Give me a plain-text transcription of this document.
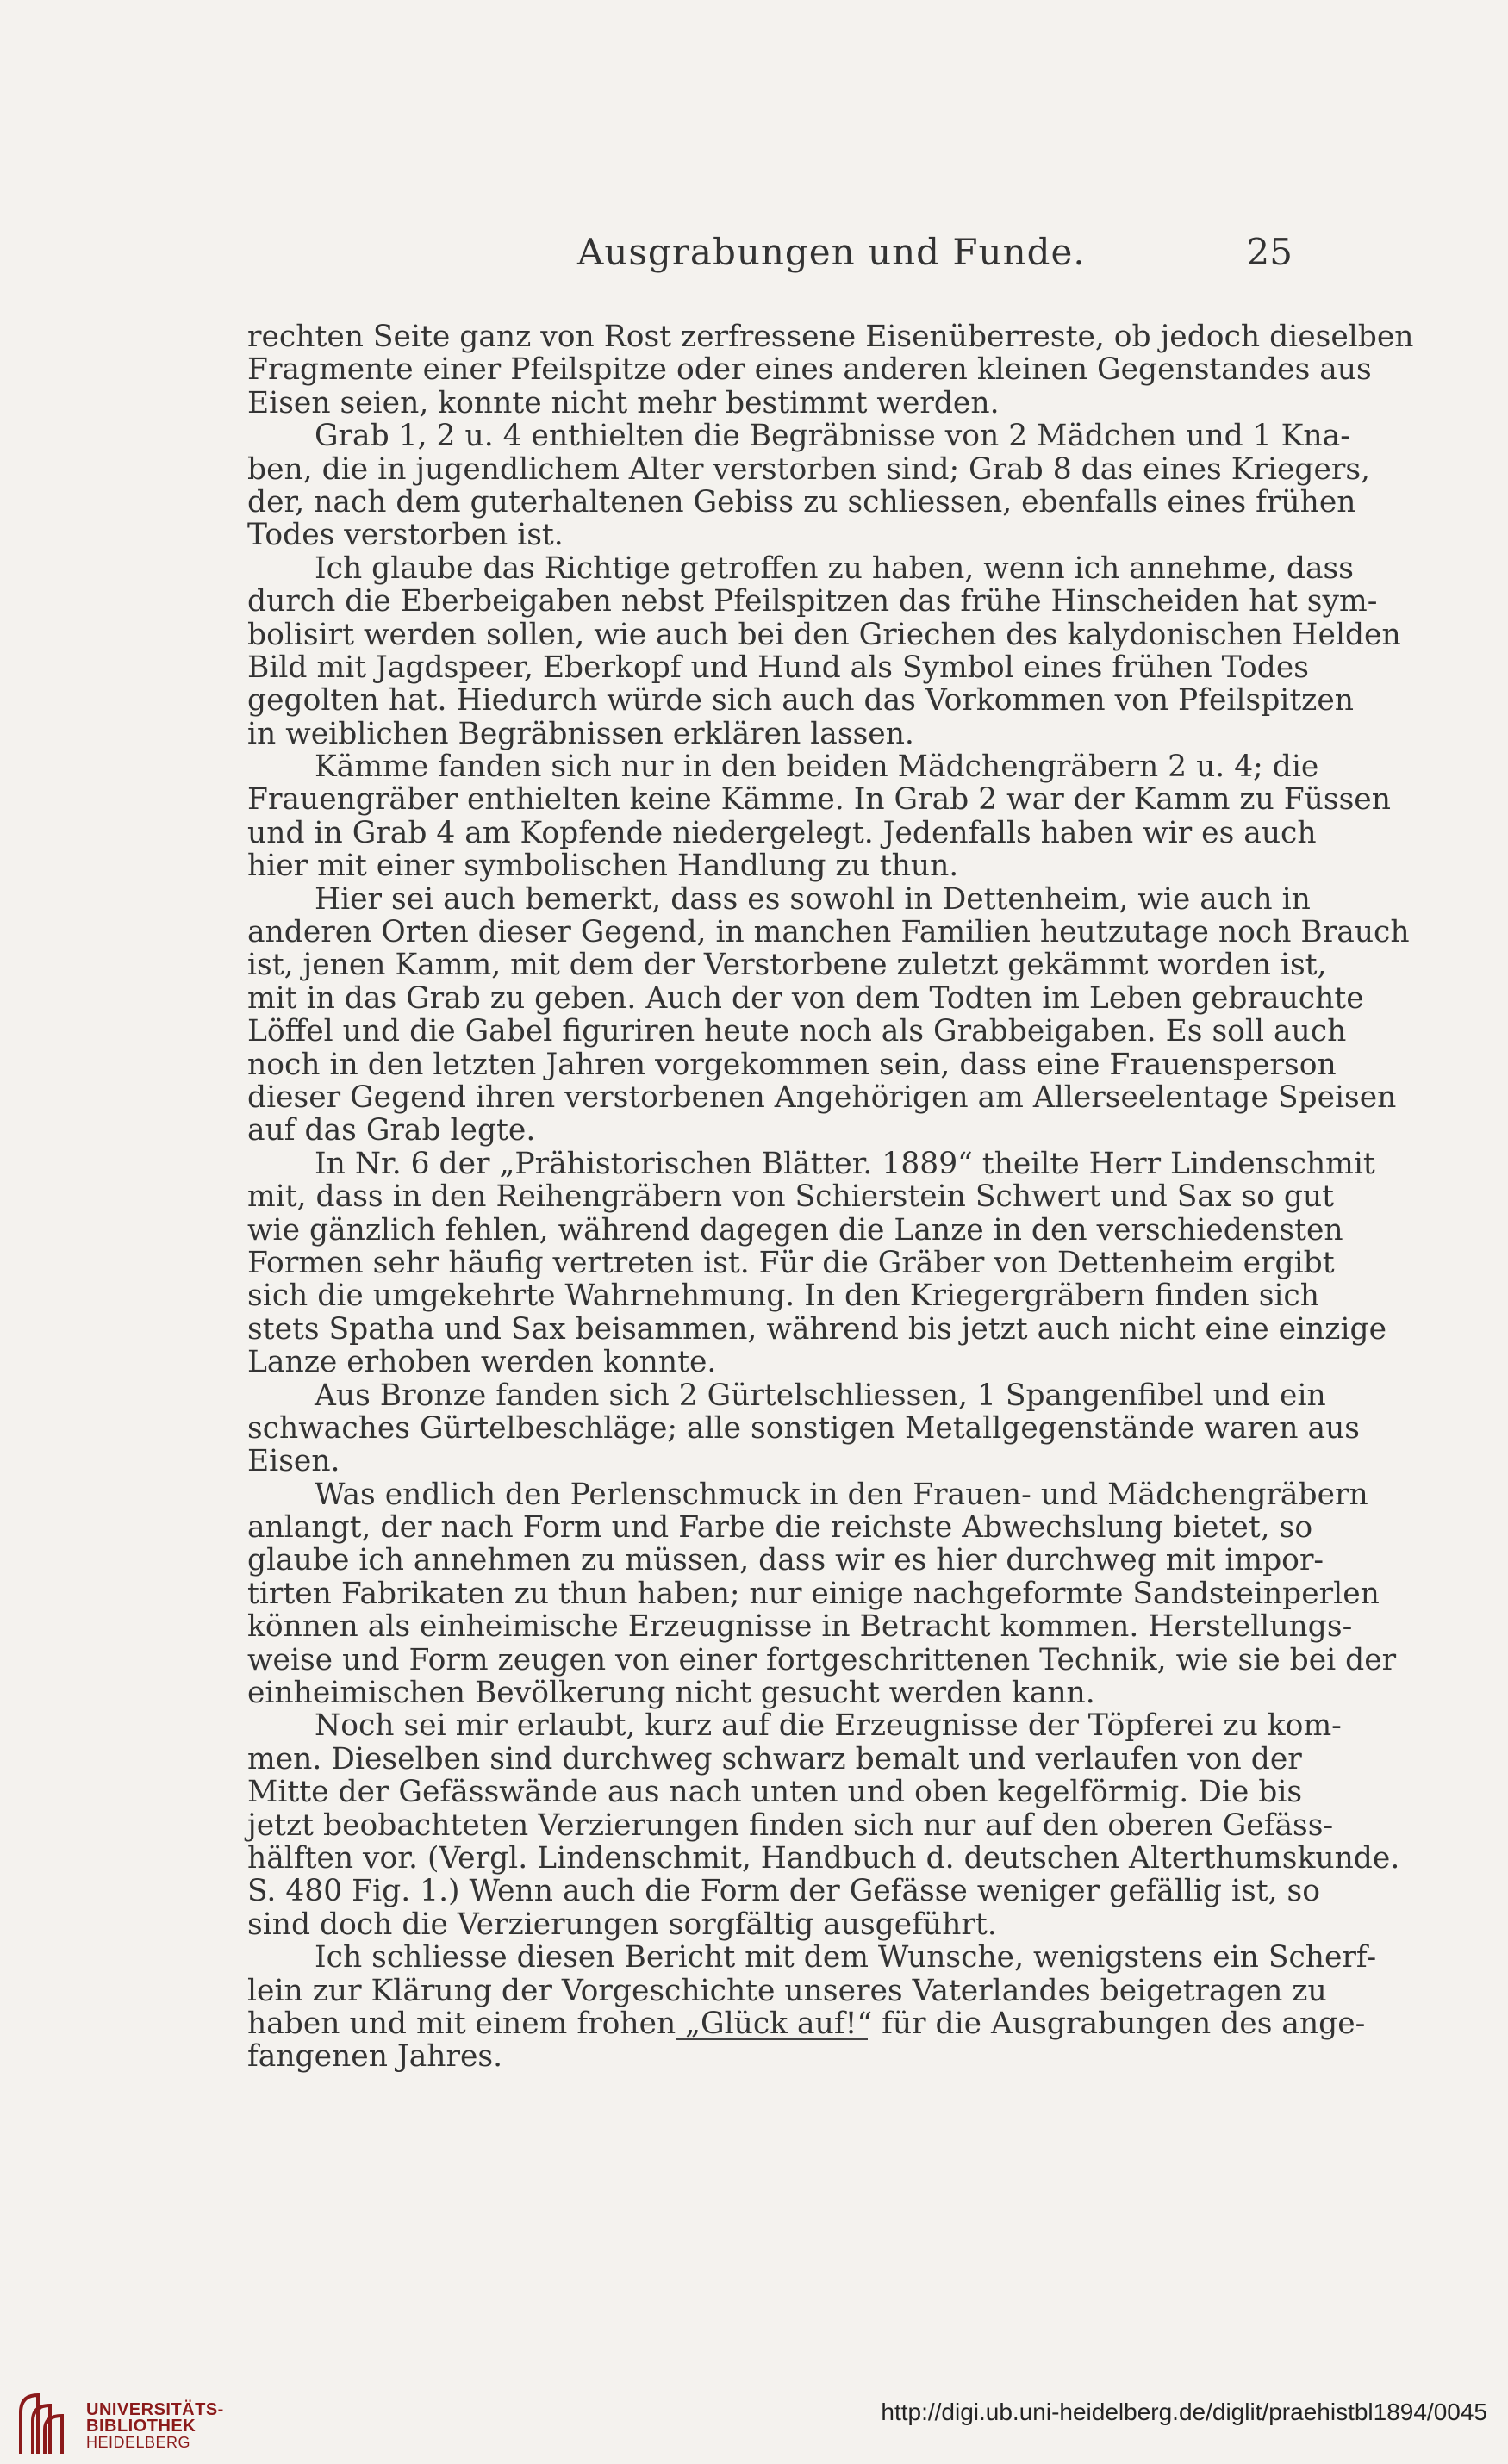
Ausgrabungen und Funde.	25
rechten Seite ganz von Rost zerfressene Eisenüberreste, ob jedoch dieselben
Fragmente einer Pfeilspitze oder eines anderen kleinen Gegenstandes aus
Eisen seien, konnte nicht mehr bestimmt werden.
Grab 1, 2 u. 4 enthielten die Begräbnisse von 2 Mädchen und 1 Kna-
ben, die in jugendlichem Alter verstorben sind; Grab 8 das eines Kriegers,
der, nach dem guterhaltenen Gebiss zu schliessen, ebenfalls eines frühen
Todes verstorben ist.
Ich glaube das Richtige getroffen zu haben, wenn ich annehme, dass
durch die Eberbeigaben nebst Pfeilspitzen das frühe Hinscheiden hat sym-
bolisirt werden sollen, wie auch bei den Griechen des kalydonischen Helden
Bild mit Jagdspeer, Eberkopf und Hund als Symbol eines frühen Todes
gegolten hat. Hiedurch würde sich auch das Vorkommen von Pfeilspitzen
in weiblichen Begräbnissen erklären lassen.
Kämme fanden sich nur in den beiden Mädchengräbern 2 u. 4; die
Frauengräber enthielten keine Kämme. In Grab 2 war der Kamm zu Füssen
und in Grab 4 am Kopfende niedergelegt. Jedenfalls haben wir es auch
hier mit einer symbolischen Handlung zu thun.
Hier sei auch bemerkt, dass es sowohl in Dettenheim, wie auch in
anderen Orten dieser Gegend, in manchen Familien heutzutage noch Brauch
ist, jenen Kamm, mit dem der Verstorbene zuletzt gekämmt worden ist,
mit in das Grab zu geben. Auch der von dem Todten im Leben gebrauchte
Löffel und die Gabel figuriren heute noch als Grabbeigaben. Es soll auch
noch in den letzten Jahren vorgekommen sein, dass eine Frauensperson
dieser Gegend ihren verstorbenen Angehörigen am Allerseelentage Speisen
auf das Grab legte.
In Nr. 6 der „Prähistorischen Blätter. 1889“ theilte Herr Lindenschmit
mit, dass in den Reihengräbern von Schierstein Schwert und Sax so gut
wie gänzlich fehlen, während dagegen die Lanze in den verschiedensten
Formen sehr häufig vertreten ist. Für die Gräber von Dettenheim ergibt
sich die umgekehrte Wahrnehmung. In den Kriegergräbern finden sich
stets Spatha und Sax beisammen, während bis jetzt auch nicht eine einzige
Lanze erhoben werden konnte.
Aus Bronze fanden sich 2 Gürtelschliessen, 1 Spangenfibel und ein
schwaches Gürtelbeschläge; alle sonstigen Metallgegenstände waren aus
Eisen.
Was endlich den Perlenschmuck in den Frauen- und Mädchengräbern
anlangt, der nach Form und Farbe die reichste Abwechslung bietet, so
glaube ich annehmen zu müssen, dass wir es hier durchweg mit impor-
tirten Fabrikaten zu thun haben; nur einige nachgeformte Sandsteinperlen
können als einheimische Erzeugnisse in Betracht kommen. Herstellungs-
weise und Form zeugen von einer fortgeschrittenen Technik, wie sie bei der
einheimischen Bevölkerung nicht gesucht werden kann.
Noch sei mir erlaubt, kurz auf die Erzeugnisse der Töpferei zu kom-
men. Dieselben sind durchweg schwarz bemalt und verlaufen von der
Mitte der Gefässwände aus nach unten und oben kegelförmig. Die bis
jetzt beobachteten Verzierungen finden sich nur auf den oberen Gefäss-
hälften vor. (Vergl. Lindenschmit, Handbuch d. deutschen Alterthumskunde.
S. 480 Fig. 1.) Wenn auch die Form der Gefässe weniger gefällig ist, so
sind doch die Verzierungen sorgfältig ausgeführt.
Ich schliesse diesen Bericht mit dem Wunsche, wenigstens ein Scherf-
lein zur Klärung der Vorgeschichte unseres Vaterlandes beigetragen zu
haben und mit einem frohen „Glück auf!“ für die Ausgrabungen des ange-
fangenen Jahres.
UNIVERSITÄTS-
BIBLIOTHEK
HEIDELBERG
http://digi.ub.uni-heidelberg.de/diglit/praehistbl1894/0045
